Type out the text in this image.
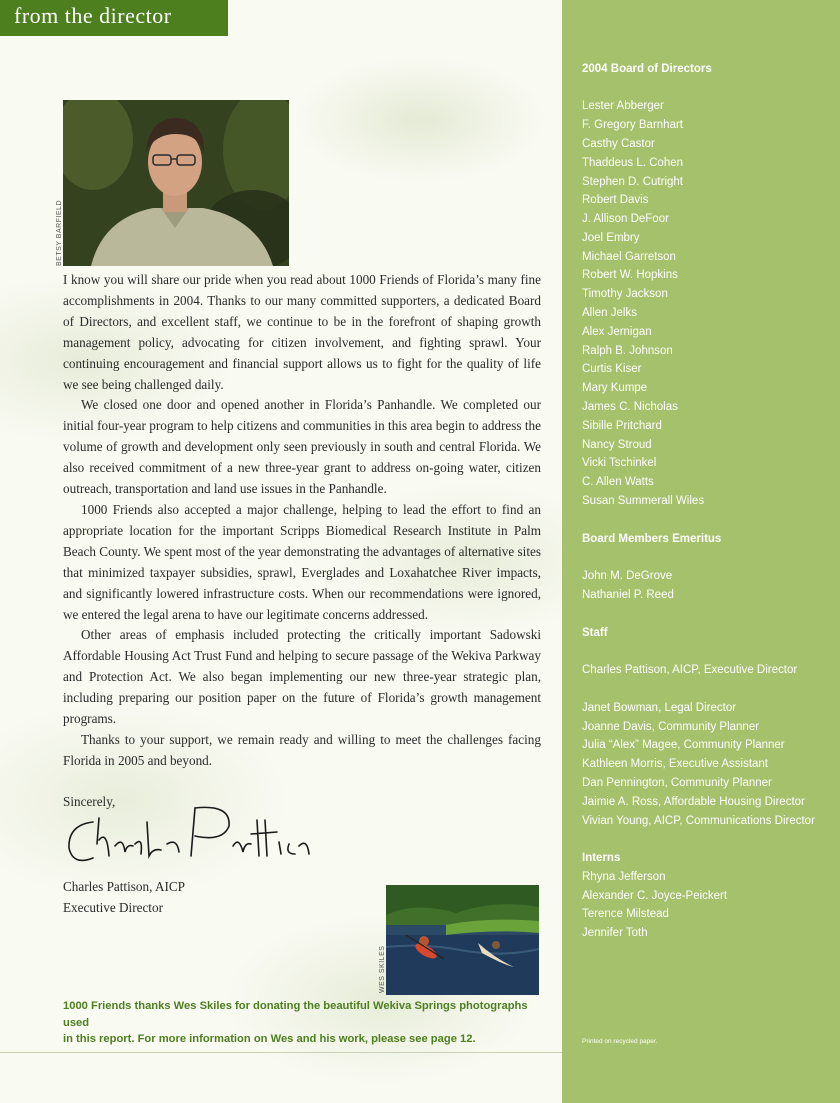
from the director
BETSY BARFIELD

I know you will share our pride when you read about 1000 Friends of Florida’s many fine accomplishments in 2004. Thanks to our many committed supporters, a dedicated Board of Directors, and excellent staff, we continue to be in the forefront of shaping growth management policy, advocating for citizen involvement, and fighting sprawl. Your continuing encouragement and financial support allows us to fight for the quality of life we see being challenged daily.

We closed one door and opened another in Florida’s Panhandle. We completed our initial four-year program to help citizens and communities in this area begin to address the volume of growth and development only seen previously in south and central Florida. We also received commitment of a new three-year grant to address on-going water, citizen outreach, transportation and land use issues in the Panhandle.

1000 Friends also accepted a major challenge, helping to lead the effort to find an appropriate location for the important Scripps Biomedical Research Institute in Palm Beach County. We spent most of the year demonstrating the advantages of alternative sites that minimized taxpayer subsidies, sprawl, Everglades and Loxahatchee River impacts, and significantly lowered infrastructure costs. When our recommendations were ignored, we entered the legal arena to have our legitimate concerns addressed.

Other areas of emphasis included protecting the critically important Sadowski Affordable Housing Act Trust Fund and helping to secure passage of the Wekiva Parkway and Protection Act. We also began implementing our new three-year strategic plan, including preparing our position paper on the future of Florida’s growth management programs.

Thanks to your support, we remain ready and willing to meet the challenges facing Florida in 2005 and beyond.

Sincerely,
Charles Pattison, AICP
Executive Director
WES SKILES
1000 Friends thanks Wes Skiles for donating the beautiful Wekiva Springs photographs used
in this report. For more information on Wes and his work, please see page 12.
2004 Board of Directors
Lester Abberger
F. Gregory Barnhart
Casthy Castor
Thaddeus L. Cohen
Stephen D. Cutright
Robert Davis
J. Allison DeFoor
Joel Embry
Michael Garretson
Robert W. Hopkins
Timothy Jackson
Allen Jelks
Alex Jernigan
Ralph B. Johnson
Curtis Kiser
Mary Kumpe
James C. Nicholas
Sibille Pritchard
Nancy Stroud
Vicki Tschinkel
C. Allen Watts
Susan Summerall Wiles
Board Members Emeritus
John M. DeGrove
Nathaniel P. Reed
Staff
Charles Pattison, AICP, Executive Director
Janet Bowman, Legal Director
Joanne Davis, Community Planner
Julia “Alex” Magee, Community Planner
Kathleen Morris, Executive Assistant
Dan Pennington, Community Planner
Jaimie A. Ross, Affordable Housing Director
Vivian Young, AICP, Communications Director
Interns
Rhyna Jefferson
Alexander C. Joyce-Peickert
Terence Milstead
Jennifer Toth
Printed on recycled paper.
